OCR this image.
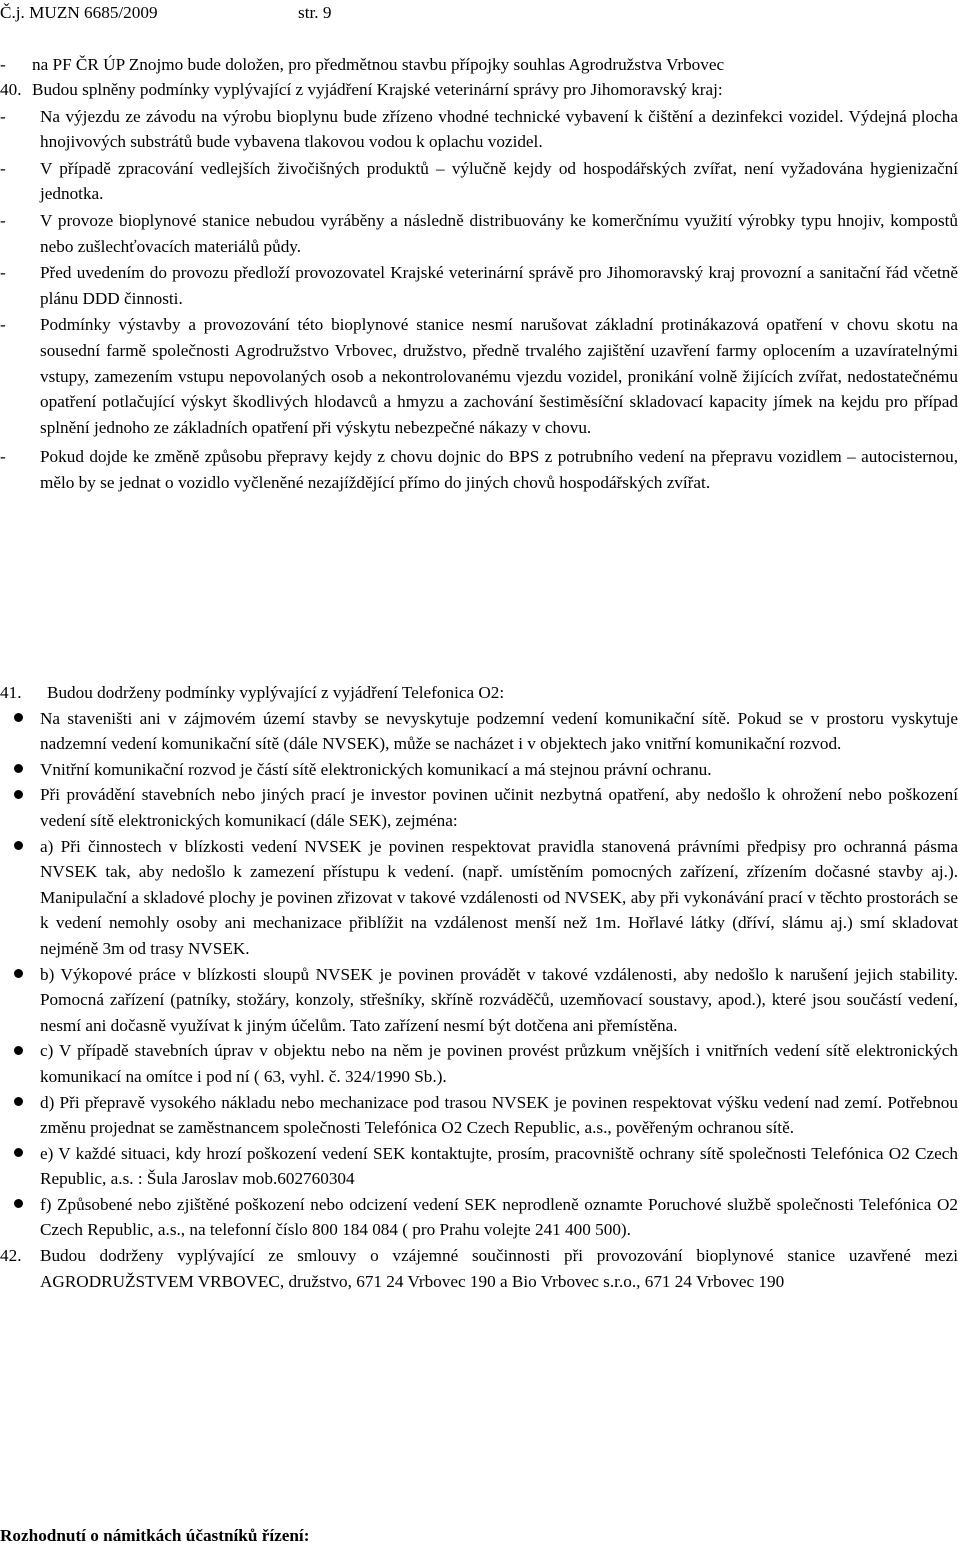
Č.j. MUZN 6685/2009	str. 9
-	na PF ČR ÚP Znojmo bude doložen, pro předmětnou stavbu přípojky souhlas Agrodružstva Vrbovec
40. Budou splněny podmínky vyplývající z vyjádření Krajské veterinární správy pro Jihomoravský kraj:
-	Na výjezdu ze závodu na výrobu bioplynu bude zřízeno vhodné technické vybavení k čištění a dezinfekci vozidel. Výdejná plocha hnojivových substrátů bude vybavena tlakovou vodou k oplachu vozidel.
-	V případě zpracování vedlejších živočišných produktů – výlučně kejdy od hospodářských zvířat, není vyžadována hygienizační jednotka.
-	V provoze bioplynové stanice nebudou vyráběny a následně distribuovány ke komerčnímu využití výrobky typu hnojiv, kompostů nebo zušlechťovacích materiálů půdy.
-	Před uvedením do provozu předloží provozovatel Krajské veterinární správě pro Jihomoravský kraj provozní a sanitační řád včetně plánu DDD činnosti.
-	Podmínky výstavby a provozování této bioplynové stanice nesmí narušovat základní protinákazová opatření v chovu skotu na sousední farmě společnosti Agrodružstvo Vrbovec, družstvo, předně trvalého zajištění uzavření farmy oplocením a uzavíratelnými vstupy, zamezením vstupu nepovolaných osob a nekontrolovanému vjezdu vozidel, pronikání volně žijících zvířat, nedostatečnému opatření potlačující výskyt škodlivých hlodavců a hmyzu a zachování šestiměsíční skladovací kapacity jímek na kejdu pro případ splnění jednoho ze základních opatření při výskytu nebezpečné nákazy v chovu.
-	Pokud dojde ke změně způsobu přepravy kejdy z chovu dojnic do BPS z potrubního vedení na přepravu vozidlem – autocisternou, mělo by se jednat o vozidlo vyčleněné nezajíždějící přímo do jiných chovů hospodářských zvířat.
41. Budou dodrženy podmínky vyplývající z vyjádření Telefonica O2:
Na staveništi ani v zájmovém území stavby se nevyskytuje podzemní vedení komunikační sítě. Pokud se v prostoru vyskytuje nadzemní vedení komunikační sítě (dále NVSEK), může se nacházet i v objektech jako vnitřní komunikační rozvod.
Vnitřní komunikační rozvod je částí sítě elektronických komunikací a má stejnou právní ochranu.
Při provádění stavebních nebo jiných prací je investor povinen učinit nezbytná opatření, aby nedošlo k ohrožení nebo poškození vedení sítě elektronických komunikací (dále SEK), zejména:
a) Při činnostech v blízkosti vedení NVSEK je povinen respektovat pravidla stanovená právními předpisy pro ochranná pásma NVSEK tak, aby nedošlo k zamezení přístupu k vedení. (např. umístěním pomocných zařízení, zřízením dočasné stavby aj.). Manipulační a skladové plochy je povinen zřizovat v takové vzdálenosti od NVSEK, aby při vykonávání prací v těchto prostorách se k vedení nemohly osoby ani mechanizace přiblížit na vzdálenost menší než 1m. Hořlavé látky (dříví, slámu aj.) smí skladovat nejméně 3m od trasy NVSEK.
b) Výkopové práce v blízkosti sloupů NVSEK je povinen provádět v takové vzdálenosti, aby nedošlo k narušení jejich stability. Pomocná zařízení (patníky, stožáry, konzoly, střešníky, skříně rozváděčů, uzemňovací soustavy, apod.), které jsou součástí vedení, nesmí ani dočasně využívat k jiným účelům. Tato zařízení nesmí být dotčena ani přemístěna.
c) V případě stavebních úprav v objektu nebo na něm je povinen provést průzkum vnějších i vnitřních vedení sítě elektronických komunikací na omítce i pod ní ( 63, vyhl. č. 324/1990 Sb.).
d) Při přepravě vysokého nákladu nebo mechanizace pod trasou NVSEK je povinen respektovat výšku vedení nad zemí. Potřebnou změnu projednat se zaměstnancem společnosti Telefónica O2 Czech Republic, a.s., pověřeným ochranou sítě.
e) V každé situaci, kdy hrozí poškození vedení SEK kontaktujte, prosím, pracovniště ochrany sítě společnosti Telefónica O2 Czech Republic, a.s. : Šula Jaroslav mob.602760304
f) Způsobené nebo zjištěné poškození nebo odcizení vedení SEK neprodleně oznamte Poruchové službě společnosti Telefónica O2 Czech Republic, a.s., na telefonní číslo 800 184 084 ( pro Prahu volejte 241 400 500).
42. Budou dodrženy vyplývající ze smlouvy o vzájemné součinnosti při provozování bioplynové stanice uzavřené mezi AGRODRUŽSTVEM VRBOVEC, družstvo, 671 24 Vrbovec 190 a Bio Vrbovec s.r.o., 671 24 Vrbovec 190
Rozhodnutí o námitkách účastníků řízení:
